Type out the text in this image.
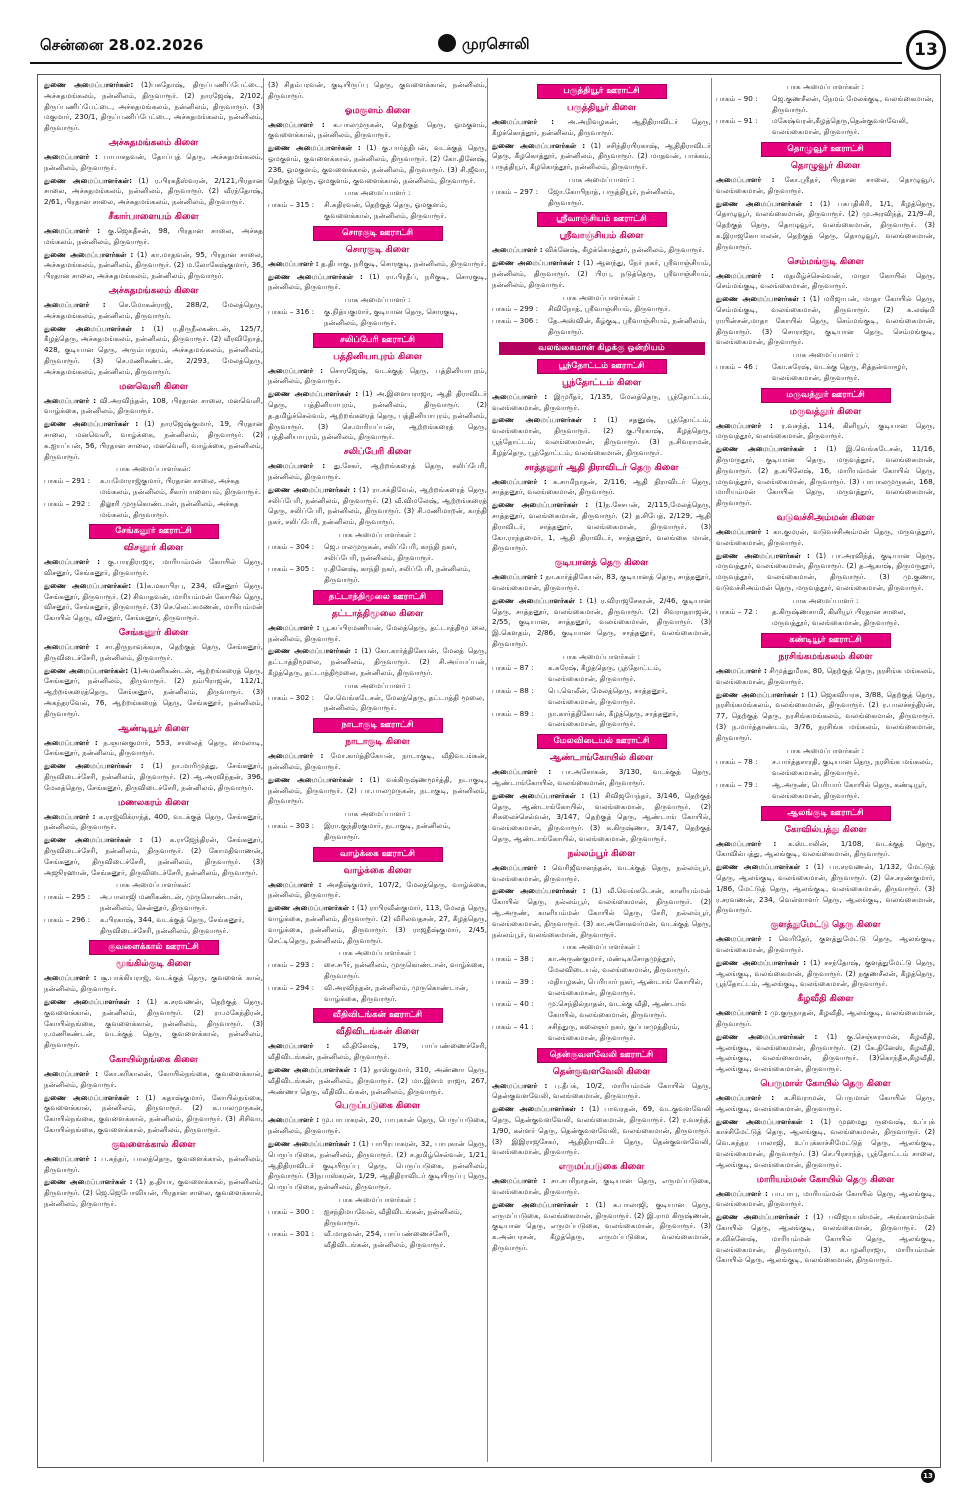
சென்னை 28.02.2026	முரசொலி	13
துணை அமைப்பாளர்கள்: (1)பசுதோஷ், திருப்பணிப்பேட்டை, அச்சுதமங்கலம், நன்னிலம், திருவாரூர். (2) நாரஜேஷ், 2/102, திருப்பணிப்பேட்டை, அச்சுதமங்கலம், நன்னிலம், திருவாரூர். (3) மகுமார், 230/1, திருப்பணிப்பேட்டை, அச்சுதமங்கலம், நன்னிலம், திருவாரூர்.
அச்சுதமங்கலம் கிளை
அமைப்பாளர் : பாபாசதவன், தோப்புத் தெரு, அச்சுதமங்கலம், நன்னிலம், திருவாரூர்.
துணை அமைப்பாளர்கள்: (1) ர.பிரகதீஸ்வரன், 2/121,பிரதான சாலை, அச்சுதமங்கலம், நன்னிலம், திருவாரூர். (2) வீரந்தோஷ், 2/61, பிரதான சாலை, அச்சுதமங்கலம், நன்னிலம், திருவாரூர்.
சீகார்பாளையம் கிளை
அமைப்பாளர் : கு.ஜெகதீசன், 98, பிரதான சாலை, அச்சுத மங்கலம், நன்னிலம், திருவாரூர்.
துணை அமைப்பாளர்கள் : (1) கா.மாதவன், 95, பிரதான சாலை, அச்சுதமங்கலம், நன்னிலம், திருவாரூர். (2) ம.லோகேஷ்குமார், 36, பிரதான சாலை, அச்சுதமங்கலம், நன்னிலம், திருவாரூர்.
அச்சுதமங்கலம் கிளை
அமைப்பாளர் : செ.மோகன்ராஜ், 288/2, மேலத்தெரு, அச்சுதமங்கலம், நன்னிலம், திருவாரூர்.
துணை அமைப்பாளர்கள் : (1) ர.திருநீலகண்டன், 125/7, கீழத்தெரு, அச்சுதமங்கலம், நன்னிலம், திருவாரூர். (2) வீரவிநோத், 428, குடியான தெரு, அரும்பாதரம், அச்சுதமங்கலம், நன்னிலம், திருவாரூர். (3) செ.மணிகண்டன், 2/293, மேலத்தெரு, அச்சுதமங்கலம், நன்னிலம், திருவாரூர்.
மனவெளி கிளை
அமைப்பாளர் : வி.அரவிந்தன், 108, பிரதான சாலை, மனவெளி, வாழ்க்கை, நன்னிலம், திருவாரூர்.
துணை அமைப்பாளர்கள் : (1) நாரஜேஷ்குமார், 19, பிரதான சாலை, மனவெளி, வாழ்க்கை, நன்னிலம், திருவாரூர். (2) க.ஐயப்பன், 56, பிரதான சாலை, மனவெளி, வாழ்க்கை, நன்னிலம், திருவாரூர்.
பாக அமைப்பாளர்கள்:
பாகம் – 291 :	க.யமோராஜ்குமார், பிரதான சாலை, அச்சுத மங்கலம், நன்னிலம், சீகார்பாளையம், திருவாரூர்.
பாகம் – 292 :	திலூரி முருகொண்டான், நன்னிலம், அச்சுத மங்கலம், திருவாரூர்.
சேங்கனூர் ஊராட்சி
விசனூர் கிளை
அமைப்பாளர் : கு.பாரதிராஜா, மாரியம்மன் கோயில் தெரு, விசனூர், சேங்கனூர், திருவாரூர்.
துணை அமைப்பாளர்கள்: (1)க.மகாபிரபு, 234, விசனூர் தெரு, சேங்கனூர், திருவாரூர். (2) சிவாதவன், மாரியம்மன் கோயில் தெரு, விசனூர், சேங்கனூர், திருவாரூர். (3) செ.லெட்சுமணன், மாரியம்மன் கோயில் தெரு, விசனூர், சேங்கனூர், திருவாரூர்.
சேங்கனூர் கிளை
அமைப்பாளர் : சா.திருநாவுக்கரசு, தெற்குத் தெரு, சேங்கனூர், திருவிடைச்சேரி, நன்னிலம், திருவாரூர்.
துணை அமைப்பாளர்கள்: (1)அமணிகண்டன், ஆற்றங்கரைத் தெரு, சேங்கனூர், நன்னிலம், திருவாரூர். (2) நம்பிராஜன், 112/1, ஆற்றங்கரைத்தெரு, சேங்கனூர், நன்னிலம், திருவாரூர். (3) அகந்தரவேல், 76, ஆற்றங்கரைத் தெரு, சேங்கனூர், நன்னிலம், திருவாரூர்.
ஆண்டியூர் கிளை
அமைப்பாளர் : ந.ஞானகுமார், 553, சாலைத் தெரு, மைலாடி, சேங்கனூர், நன்னிலம், திருவாரூர்.
துணை அமைப்பாளர்கள் : (1) நா.மாரிமுத்து, சேங்கனூர், திருவிடைச்சேரி, நன்னிலம், திருவாரூர். (2) ஆ.அரவிந்தன், 396, மேலத்தெரு, சேங்கனூர், திருவிடைச்சேரி, நன்னிலம், திருவாரூர்.
மணலகரம் கிளை
அமைப்பாளர் : க.ராஜ்விக்ராந்த், 400, வடக்குத் தெரு, சேங்கனூர், நன்னிலம், திருவாரூர்.
துணை அமைப்பாளர்கள் : (1) க.ராஜேந்திரன், சேங்கனூர், திருவிடைச்சேரி, நன்னிலம், திருவாரூர். (2) கோமதிவாணன், சேங்கனூர், திருவிடைச்சேரி, நன்னிலம், திருவாரூர். (3) அஜூரஹான், சேங்கனூர், திருவிடைச்சேரி, நன்னிலம், திருவாரூர்.
பாக அமைப்பாளர்கள்:
பாகம் – 295 :	அ.பாலாஜி மணிகண்டன், முருகொண்டான், நன்னிலம், சென்னூர், திருவாரூர்.
பாகம் – 296 :	க.பிரகாஷ், 344, வடக்குத் தெரு, சேங்கனூர், திருவிடைச்சேரி, நன்னிலம், திருவாரூர்.
குவளைக்கால் ஊராட்சி
மூங்கில்குடி கிளை
அமைப்பாளர் : சூ.பாக்கியராஜ், வடக்குத் தெரு, குவளைக் கால், நன்னிலம், திருவாரூர்.
துணை அமைப்பாளர்கள் : (1) க.சரவணன், தெற்குத் தெரு, குவளைக்கால், நன்னிலம், திருவாரூர். (2) ரா.மகேந்திரன், கோயில்நங்கை, குவளைக்கால், நன்னிலம், திருவாரூர். (3) ர.மணிகண்டன், வடக்குத் தெரு, குவளைக்கால், நன்னிலம், திருவாரூர்.
கோயில்நங்கை கிளை
அமைப்பாளர் : கோ.கரிகாலன், கோயில்நங்கை, குவளைக்கால், நன்னிலம், திருவாரூர்.
துணை அமைப்பாளர்கள் : (1) கதாஷ்குமார், கோயில்நங்கை, குவளைக்கால், நன்னிலம், திருவாரூர். (2) க.பாலமுருகன், கோயில்நங்கை, குவளைக்கால், நன்னிலம், திருவாரூர். (3) சிசிவா, கோயில்நங்கை, குவளைக்கால், நன்னிலம், திருவாரூர்.
குவளைக்கால் கிளை
அமைப்பாளர் : ப.சுந்தர், பாலத்தெரு, குவளைக்கால், நன்னிலம், திருவாரூர்.
துணை அமைப்பாளர்கள் : (1) த.தியா, குவளைக்கால், நன்னிலம், திருவாரூர். (2) ஜெ.ஜெபோவியன், பிரதான சாலை, குவளைக்கால், நன்னிலம், திருவாரூர்.
(3) சிதம்பரவன், குடியிருப்பு தெரு, குவளைக்கால், நன்னிலம், திருவாரூர்.
ஓமகுளம் கிளை
அமைப்பாளர் : க.பாலமுருகன், தெற்குத் தெரு, ஓமகுளம், குவளைக்கால், நன்னிலம், திருவாரூர்.
துணை அமைப்பாளர்கள் : (1) கு.பார்த்திபன், வடக்குத் தெரு, ஓமகுளம், குவளைக்கால், நன்னிலம், திருவாரூர். (2) கோ.தினேஷ், 236, ஓமகுளம், குவளைக்கால், நன்னிலம், திருவாரூர். (3) சி.ஜீவா, தெற்குத் தெரு, ஓமகுளம், குவளைக்கால், நன்னிலம், திருவாரூர்.
பாக அமைப்பாளர் :
பாகம் – 315 :	சி.சுதிரவன், தெற்குத் தெரு, ஓமகுளம், குவளைக்கால், நன்னிலம், திருவாரூர்.
சொரகுடி ஊராட்சி
சொரகுடி கிளை
அமைப்பாளர் : த.திபாகு, நரிகுடி, சொரகுடி, நன்னிலம், திருவாரூர்.
துணை அமைப்பாளர்கள் : (1) ரா.பிரதீப், நரிகுடி, சொரகுடி, நன்னிலம், திருவாரூர்.
பாக அமைப்பாளர் :
பாகம் – 316 :	கு.நித்யகுமார், குடியான தெரு, சொரகுடி, நன்னிலம், திருவாரூர்.
சலிப்பேரி ஊராட்சி
பத்தினியாபுரம் கிளை
அமைப்பாளர் : சொரஜேஷ், வடக்குத் தெரு, பத்தினியாபுரம், நன்னிலம், திருவாரூர்.
துணை அமைப்பாளர்கள் : (1) அ.இளையராஜா, ஆதி திராவிடர் தெரு, பத்தினியாபுரம், நன்னிலம், திருவாரூர். (2) த.தமிழ்ச்செல்வம், ஆற்றங்கரைத் தெரு, பத்தினியாபுரம், நன்னிலம், திருவாரூர். (3) செ.மாரியப்பன், ஆற்றங்கரைத் தெரு, பத்தினியாபுரம், நன்னிலம், திருவாரூர்.
சலிப்பேரி கிளை
அமைப்பாளர் : து.சேகர், ஆற்றங்கரைத் தெரு, சலிப்பேரி, நன்னிலம், திருவாரூர்.
துணை அமைப்பாளர்கள் : (1) ரா.சக்திவேல், ஆற்றங்கரைத் தெரு, சலிப்பேரி, நன்னிலம், திருவாரூர். (2) வீ.விமலேஷ், ஆற்றங்கரைத் தெரு, சலிப்பேரி, நன்னிலம், திருவாரூர். (3) சி.மணிமாறன், காந்தி நகர், சலிப்பேரி, நன்னிலம், திருவாரூர்.
பாக அமைப்பாளர்கள் :
பாகம் – 304 :	ஜெ.பாலமுருகன், சலிப்பேரி, காந்தி நகர், சலிப்பேரி, நன்னிலம், திருவாரூர்.
பாகம் – 305 :	ர.தினேஷ், காந்தி நகர், சலிப்பேரி, நன்னிலம், திருவாரூர்.
தட்டாத்திமூலை ஊராட்சி
தட்டாத்திமூலை கிளை
அமைப்பாளர் : பூ.கப்பிரமணியன், மேலத்தெரு, தட்டாத்திமூ லை, நன்னிலம், திருவாரூர்.
துணை அமைப்பாளர்கள் : (1) கோ.கார்த்திகேயன், மேலத் தெரு, தட்டாத்திமூலை, நன்னிலம், திருவாரூர். (2) சி.அய்யப்பன், கீழத்தெரு, தட்டாத்திமூலை, நன்னிலம், திருவாரூர்.
பாக அமைப்பாளர் :
பாகம் – 302 :	செ.வெங்கடேசன், மேலத்தெரு, தட்டாத்தி மூலை, நன்னிலம், திருவாரூர்.
நாடாகுடி ஊராட்சி
நாடாகுடி கிளை
அமைப்பாளர் : மோ.கார்த்திகேயன், நாடாகுடி, வீதிவடங்கன், நன்னிலம், திருவாரூர்.
துணை அமைப்பாளர்கள் : (1) வக்கிருஷ்ணமூர்த்தி, நடாகுடி, நன்னிலம், திருவாரூர். (2) பா.பாலமுருகன், நடாகுடி, நன்னிலம், திருவாரூர்.
பாக அமைப்பாளர் :
பாகம் – 303 :	இரா.குந்திரகுமார், நடாகுடி, நன்னிலம், திருவாரூர்.
வாழ்க்கை ஊராட்சி
வாழ்க்கை கிளை
அமைப்பாளர் : அசதீஷ்குமார், 107/2, மேலத்தெரு, வாழ்க்கை, நன்னிலம், திருவாரூர்.
துணை அமைப்பாளர்கள் : (1) ராபிரவீன்குமார், 113, மேலத் தெரு, வாழ்க்கை, நன்னிலம், திருவாரூர். (2) வீரிலவதசன், 27, கீழத்தெரு, வாழ்க்கை, நன்னிலம், திருவாரூர். (3) ராஜதீஷ்குமார், 2/45, செட்டிதெரு, நன்னிலம், திருவாரூர்.
பாக அமைப்பாளர்கள் :
பாகம் – 293 :	சை.சபீர், நன்னிலம், முருகொண்டான், வாழ்க்கை, திருவாரூர்.
பாகம் – 294 :	வி.அரவிந்தன், நன்னிலம், முருகொண்டான், வாழ்க்கை, திருவாரூர்.
வீதிவிடங்கன் ஊராட்சி
வீதிவிடங்கன் கிளை
அமைப்பாளர் : வீ.தினேஷ், 179, பாப்பண்ணைச்சேரி, வீதிவிடங்கன், நன்னிலம், திருவாரூர்.
துணை அமைப்பாளர்கள் : (1) தாஸ்குமார், 310, அண்ணா தெரு, வீதிவிடங்கன், நன்னிலம், திருவாரூர். (2) மா.இளம ராஜா, 267, அண்ணா தெரு, வீதிவிடங்கன், நன்னிலம், திருவாரூர்.
பெருப்படுகை கிளை
அமைப்பாளர் : மு.பாபாகரன், 20, பாபுகான் தெரு, பெருப்படுகை, நன்னிலம், திருவாரூர்.
துணை அமைப்பாளர்கள் : (1) பாபிரபாகரன், 32, பாபுகான் தெரு, பெருப்படுகை, நன்னிலம், திருவாரூர். (2) ச.தமிழ்செல்வன், 1/21, ஆதிதிராவிடர் குடியிருப்பு தெரு, பெருப்படுகை, நன்னிலம், திருவாரூர். (3)நபாஸ்கரன், 1/29, ஆதிதிராவிடர் குடியிருப்பு தெரு, பெருப்படுகை, நன்னிலம், திருவாரூர்.
பாக அமைப்பாளர்கள் :
பாகம் – 300 :	ஐசந்திமயவேல், வீதிவிடங்கன், நன்னிலம், திருவாரூர்.
பாகம் – 301 :	வீ.மாதவன், 254, பாப்பண்ணைச்சேரி, வீதிவிடங்கன், நன்னிலம், திருவாரூர்.
பருத்தியூர் ஊராட்சி
பருத்தியூர் கிளை
அமைப்பாளர் : அ.அறிவழகன், ஆதிதிராவிடர் தெரு, கீழக்கொத்தூர், நன்னிலம், திருவாரூர்.
துணை அமைப்பாளர்கள் : (1) சசிந்திரபிரகாஷ், ஆதிதிராவிடர் தெரு, கீழகொத்தூர், நன்னிலம், திருவாரூர். (2) மாதவன், பாக்கம், பருத்தியூர், கீழகொத்தூர், நன்னிலம், திருவாரூர்.
பாக அமைப்பாளர் :
பாகம் – 297 :	ஜோ.கோபிநாத், பருத்தியூர், நன்னிலம், திருவாரூர்.
ஸ்ரீவாஞ்சியம் ஊராட்சி
ஸ்ரீவாஞ்சியம் கிளை
அமைப்பாளர் : விக்னேஷ், கீழக்கொத்தூர், நன்னிலம், திருவாரூர்.
துணை அமைப்பாளர்கள் : (1) ஆனந்து, நேர் நகர், ஸ்ரீவாஞ்சியம், நன்னிலம், திருவாரூர். (2) பிரபு, நடுத்தெரு, ஸ்ரீவாஞ்சியம், நன்னிலம், திருவாரூர்.
பாக அமைப்பாளர்கள் :
பாகம் – 299 :	சிவிநோத், ஸ்ரீவாஞ்சியம், திருவாரூர்.
பாகம் – 306 :	தே.அஸ்வின், கீழ்குடி, ஸ்ரீவாஞ்சியம், நன்னிலம், திருவாரூர்.
வலங்கைமான் கிழக்கு ஒன்றியம்
பூந்தோட்டம் ஊராட்சி
பூந்தோட்டம் கிளை
அமைப்பாளர் : இமுரீதர், 1/135, மேலத்தெரு, பூந்தோட்டம், வலங்கைமான், திருவாரூர்.
துணை அமைப்பாளர்கள் : (1) சதனுஷ், பூந்தோட்டம், வலங்கைமான், திருவாரூர். (2) கு.பிரகாஷ், கீழத்தெரு, பூந்தோட்டம், வலங்கைமான், திருவாரூர். (3) ந.சிவராமன், கீழத்தெரு, பூந்தோட்டம், வலங்கைமான், திருவாரூர்.
சாத்தனூர் ஆதி திராவிடர் தெரு கிளை
அமைப்பாளர் : க.சாமிநாதன், 2/116, ஆதி திராவிடர் தெரு, சாத்தனூர், வலங்கைமான், திருவாரூர்.
துணை அமைப்பாளர்கள் : (1)ந.சேசபன், 2/115,மேலத்தெரு, சாத்தனூர், வலங்கைமான், திருவாரூர். (2) த.சிபேத், 2/129, ஆதி திராவிடர், சாத்தனூர், வலங்கைமான், திருவாரூர். (3) கோ.ராந்தமைர், 1, ஆதி திராவிடர், சாத்தனூர், வலங்கை மான், திருவாரூர்.
குடியானத் தெரு கிளை
அமைப்பாளர் : நா.கார்த்திகேயன், 83, குடியானத் தெரு, சாத்தனூர், வலங்கைமான், திருவாரூர்.
துணை அமைப்பாளர்கள் : (1) ர.விராஜசேகரன், 2/46, குடியான தெரு, சாத்தனூர், வலங்கைமான், திருவாரூர். (2) சிவராதராஜன், 2/55, குடியான, சாத்தனூர், வலங்கைமான், திருவாரூர். (3) இ.கௌதம், 2/86, குடியான தெரு, சாத்தனூர், வலங்கைமான், திருவாரூர்.
பாக அமைப்பாளர்கள் :
பாகம் – 87 :	க.சுரேஷ், கீழத்தெரு, பூந்தோட்டம், வலங்கைமான், திருவாரூர்.
பாகம் – 88 :	பெ.வெலீன், மேலத்தெரு, சாத்தனூர், வலங்கைமான், திருவாரூர்.
பாகம் – 89 :	நா.கார்த்திகேயன், கீழத்தெரு, சாத்தனூர், வலங்கைமான், திருவாரூர்.
மேலவிடையல் ஊராட்சி
ஆண்டாங்கோயில் கிளை
அமைப்பாளர் : பா.அசோகன், 3/130, வடக்குத் தெரு, ஆண்டாங்கோயில், வலங்கைமான், திருவாரூர்.
துணை அமைப்பாளர்கள் : (1) சிவிஜயேந்தர், 3/146, தெற்குத் தெரு, ஆண்டாங்கோயில், வலங்கைமான், திருவாரூர். (2) சிகலைச்செல்வன், 3/147, தெற்குத் தெரு, ஆண்டாங் கோயில், வலங்கைமான், திருவாரூர். (3) க.கிருஷ்ணா, 3/147, தெற்குத் தெரு, ஆண்டாங்கோயில், வலங்கைமான், திருவாரூர்.
நல்லம்பூர் கிளை
அமைப்பாளர் : வெரிஜீவானந்தன், வடக்குத் தெரு, நல்லம்பூர், வலங்கைமான், திருவாரூர்.
துணை அமைப்பாளர்கள் : (1) வீ.வெங்கடேசன், காளியம்மன் கோயில் தெரு, நல்லம்பூர், வலங்கைமான், திருவாரூர். (2) ஆ.அருண், காளியம்மன் கோயில் தெரு, சேரி, நல்லம்பூர், வலங்கைமான், திருவாரூர். (3) கா.அசோகவர்மன், வடக்குத் தெரு, நல்லம்பூர், வலங்கைமான், திருவாரூர்.
பாக அமைப்பாளர்கள் :
பாகம் – 38 :	கா.அருண்குமார், மண்டிகசோதமுத்தூர், மேலவிடையல், வலங்கைமான், திருவாரூர்.
பாகம் – 39 :	மதியழகன், பெரியார் நகர், ஆண்டாங் கோயில், வலங்கைமான், திருவாரூர்.
பாகம் – 40 :	மு.செந்தில்நாதன், வடக்கு வீதி, ஆண்டாங் கோயில், வலங்கைமான், திருவாரூர்.
பாகம் – 41 :	சசிந்துரு, கலைஞர் நகர், குப்பசமுத்திரம், வலங்கைமான், திருவாரூர்.
தென்குவளவேலி ஊராட்சி
தென்குவளவேலி கிளை
அமைப்பாளர் : பு.தீபக், 10/2, மாரியம்மன் கோயில் தெரு, தென்குவளவேலி, வலங்கைமான், திருவாரூர்.
துணை அமைப்பாளர்கள் : (1) பாவரதன், 69, வடகுவளவேலி தெரு, தென்குவளவேலி, வலங்கைமான், திருவாரூர். (2) ர.வசந்த், 1/90, கள்ளர் தெரு, தென்குவளவேலி, வலங்கைமான், திருவாரூர். (3) இஇராஜசேகர், ஆதிதிராவிடர் தெரு, தென்குவளவேலி, வலங்கைமான், திருவாரூர்.
எருமப்படுகை கிளை
அமைப்பாளர் : சா.சபரிநாதன், குடியான தெரு, எருமப்படுகை, வலங்கைமான், திருவாரூர்.
துணை அமைப்பாளர்கள் : (1) க.பாலாஜி, குடியான தெரு, எருமப்படுகை, வலங்கைமான், திருவாரூர். (2) இ.ராம கிருஷ்ணன், குடியான தெரு, எருமப்படுகை, வலங்கைமான், திருவாரூர். (3) க.அன்பரசன், கீழத்தெரு, எருமப்படுகை, வலங்கைமான், திருவாரூர்.
பாக அமைப்பாளர்கள் :
பாகம் – 90 :	ஜெ.குணசீலன், நேமம் மேலக்குடி, வலங்கைமான், திருவாரூர்.
பாகம் – 91 :	மகேஷ்வரன்,கீழத்தெரு,தென்குவளவேலி, வலங்கைமான், திருவாரூர்.
தொழுவூர் ஊராட்சி
தொழுவூர் கிளை
அமைப்பாளர் : கோ.ஸ்ரீதர், பிரதான சாலை, தொழுவூர், வலங்கைமான், திருவாரூர்.
துணை அமைப்பாளர்கள் : (1) பசுபதிகிரி, 1/1, கீழத்தெரு, தொழுவூர், வலங்கைமான், திருவாரூர். (2) மு.அரவிந்த், 21/9–சி, தெற்குத் தெரு, தொழுவூர், வலங்கைமான், திருவாரூர். (3) க.இராஜகோபாலன், தெற்குத் தெரு, தொழுவூர், வலங்கைமான், திருவாரூர்.
செம்மங்குடி கிளை
அமைப்பாளர் : மதமிழ்ச்செல்வன், மாதா கோயில் தெரு, செம்மங்குடி, வலங்கைமான், திருவாரூர்.
துணை அமைப்பாளர்கள் : (1) மரிஜாபன், மாதா கோயில் தெரு, செம்மங்குடி, வலங்கைமான், திருவாரூர். (2) க.லஷ்மி ராபின்சன்,மாதா கோயில் தெரு, செம்மங்குடி, வலங்கைமான், திருவாரூர். (3) சொராஜா, குடியான தெரு, செம்மங்குடி, வலங்கைமான், திருவாரூர்.
பாக அமைப்பாளர் :
பாகம் – 46 :	கோ.சுரேஷ், வடக்கு தெரு, சித்தன்வாழூர், வலங்கைமான், திருவாரூர்.
மருவத்தூர் ஊராட்சி
மருவத்தூர் கிளை
அமைப்பாளர் : ர.வசந்த், 114, கிளியூர், குடியான தெரு, மருவத்தூர், வலங்கைமான், திருவாரூர்.
துணை அமைப்பாளர்கள் : (1) இ.வெங்கடேசன், 11/16, திருமருதூர், குடியான தெரு, மருவத்தூர், வலங்கைமான், திருவாரூர். (2) த.கபிலேஷ், 16, மாரியம்மன் கோயில் தெரு, மருவத்தூர், வலங்கைமான், திருவாரூர். (3) பாபாலமுருகன், 168, மாரியம்மன் கோயில் தெரு, மருவத்தூர், வலங்கைமான், திருவாரூர்.
வடுவச்சிஅம்மன் கிளை
அமைப்பாளர் : கா.குமரன், வடுவச்சிஅம்மன் தெரு, மருவத்தூர், வலங்கைமான், திருவாரூர்.
துணை அமைப்பாளர்கள் : (1) பா.அரவிந்த், குடியான தெரு, மருவத்தூர், வலங்கைமான், திருவாரூர். (2) த.ஆகாஷ், திருமருதூர், மருவத்தூர், வலங்கைமான், திருவாரூர். (3) மு.குணா, வடுவச்சிஅம்மன் தெரு, மருவத்தூர், வலங்கைமான், திருவாரூர்.
பாக அமைப்பாளர் :
பாகம் – 72 :	த.கிருஷ்ணசாமி, கிளியூர் பிரதான சாலை, மருவத்தூர், வலங்கைமான், திருவாரூர்.
கண்டியூர் ஊராட்சி
நரசிங்கமங்கலம் கிளை
அமைப்பாளர் : சிமுத்துமீரசு, 80, தெற்குத் தெரு, நரசிங்க மங்கலம், வலங்கைமான், திருவாரூர்.
துணை அமைப்பாளர்கள் : (1) ஜெகவியரசு, 3/88, தெற்குத் தெரு, நரசிங்கமங்கலம், வலங்கைமான், திருவாரூர். (2) ர.பாலச்சந்திரன், 77, தெற்குத் தெரு, நரசிங்கமங்கலம், வலங்கைமான், திருவாரூர். (3) ந.மார்த்தாண்டம், 3/76, நரசிங்க மங்கலம், வலங்கைமான், திருவாரூர்.
பாக அமைப்பாளர்கள் :
பாகம் – 78 :	ச.பார்த்தசாரதி, குடியான தெரு, நரசிங்க மங்கலம், வலங்கைமான், திருவாரூர்.
பாகம் – 79 :	ஆ.அருண், பெரியார் கோயில் தெரு, கண்டியூர், வலங்கைமான், திருவாரூர்.
ஆலங்குடி ஊராட்சி
கோவில்பத்து கிளை
அமைப்பாளர் : க.ஸ்டாலின், 1/108, வடக்குத் தெரு, கோவில்பத்து, ஆலங்குடி, வலங்கைமான், திருவாரூர்.
துணை அமைப்பாளர்கள் : (1) பா.சரவணன், 1/132, மேட்டுத் தெரு, ஆலங்குடி, வலங்கைமான், திருவாரூர். (2) செ.சரண்குமார், 1/86, மேட்டுத் தெரு, ஆலங்குடி, வலங்கைமான், திருவாரூர். (3) ர.சரவணன், 234, வெள்ளாளர் தெரு, ஆலங்குடி, வலங்கைமான், திருவாரூர்.
குளத்துமேட்டு தெரு கிளை
அமைப்பாளர் : வெரிதேர், குளத்துமேட்டு தெரு, ஆலங்குடி, வலங்கைமான், திருவாரூர்.
துணை அமைப்பாளர்கள் : (1) சசந்தோஷ், குளத்துமேட்டு தெரு, ஆலங்குடி, வலங்கைமான், திருவாரூர். (2) நகுணசீலன், கீழத்தெரு, பூந்தோட்டம், ஆலங்குடி, வலங்கைமான், திருவாரூர்.
கீழவீதி கிளை
அமைப்பாளர் : மு.குருநாதன், கீழவீதி, ஆலங்குடி, வலங்கைமான், திருவாரூர்.
துணை அமைப்பாளர்கள் : (1) கு.செஞ்சுராமன், கீழவீதி, ஆலங்குடி, வலங்கைமான், திருவாரூர். (2) கே.தினேஸ், கீழவீதி, ஆலங்குடி, வலங்கைமான், திருவாரூர். (3)கொந்தீசு,கீழவீதி, ஆலங்குடி, வலங்கைமான், திருவாரூர்.
பெருமாள் கோயில் தெரு கிளை
அமைப்பாளர் : க.சிவராமன், பெருமாள் கோயில் தெரு, ஆலங்குடி, வலங்கைமான், திருவாரூர்.
துணை அமைப்பாளர்கள் : (1) முஹமது ருவைஷ், உப்புக் காச்சிமேட்டுத் தெரு, ஆலங்குடி, வலங்கைமான், திருவாரூர். (2) வெ.சுந்தர பாலாஜி, உப்புக்காச்சிமேட்டுத் தெரு, ஆலங்குடி, வலங்கைமான், திருவாரூர். (3) செ.பிரசாந்த், பூந்தோட்டம் சாலை, ஆலங்குடி, வலங்கைமான், திருவாரூர்.
மாரியம்மன் கோயில் தெரு கிளை
அமைப்பாளர் : பா.பாபு, மாரியம்மன் கோயில் தெரு, ஆலங்குடி, வலங்கைமான், திருவாரூர்.
துணை அமைப்பாளர்கள் : (1) பவிஜயபஸ்மன், அங்காளம்மன் கோயில் தெரு, ஆலங்குடி, வலங்கைமான், திருவாரூர். (2) ச.விக்னேஷ், மாரியம்மன் கோயில் தெரு, ஆலங்குடி, வலங்கைமான், திருவாரூர். (3) க.பழனிராஜா, மாரியம்மன் கோயில் தெரு, ஆலங்குடி, வலங்கைமான், திருவாரூர்.
13
